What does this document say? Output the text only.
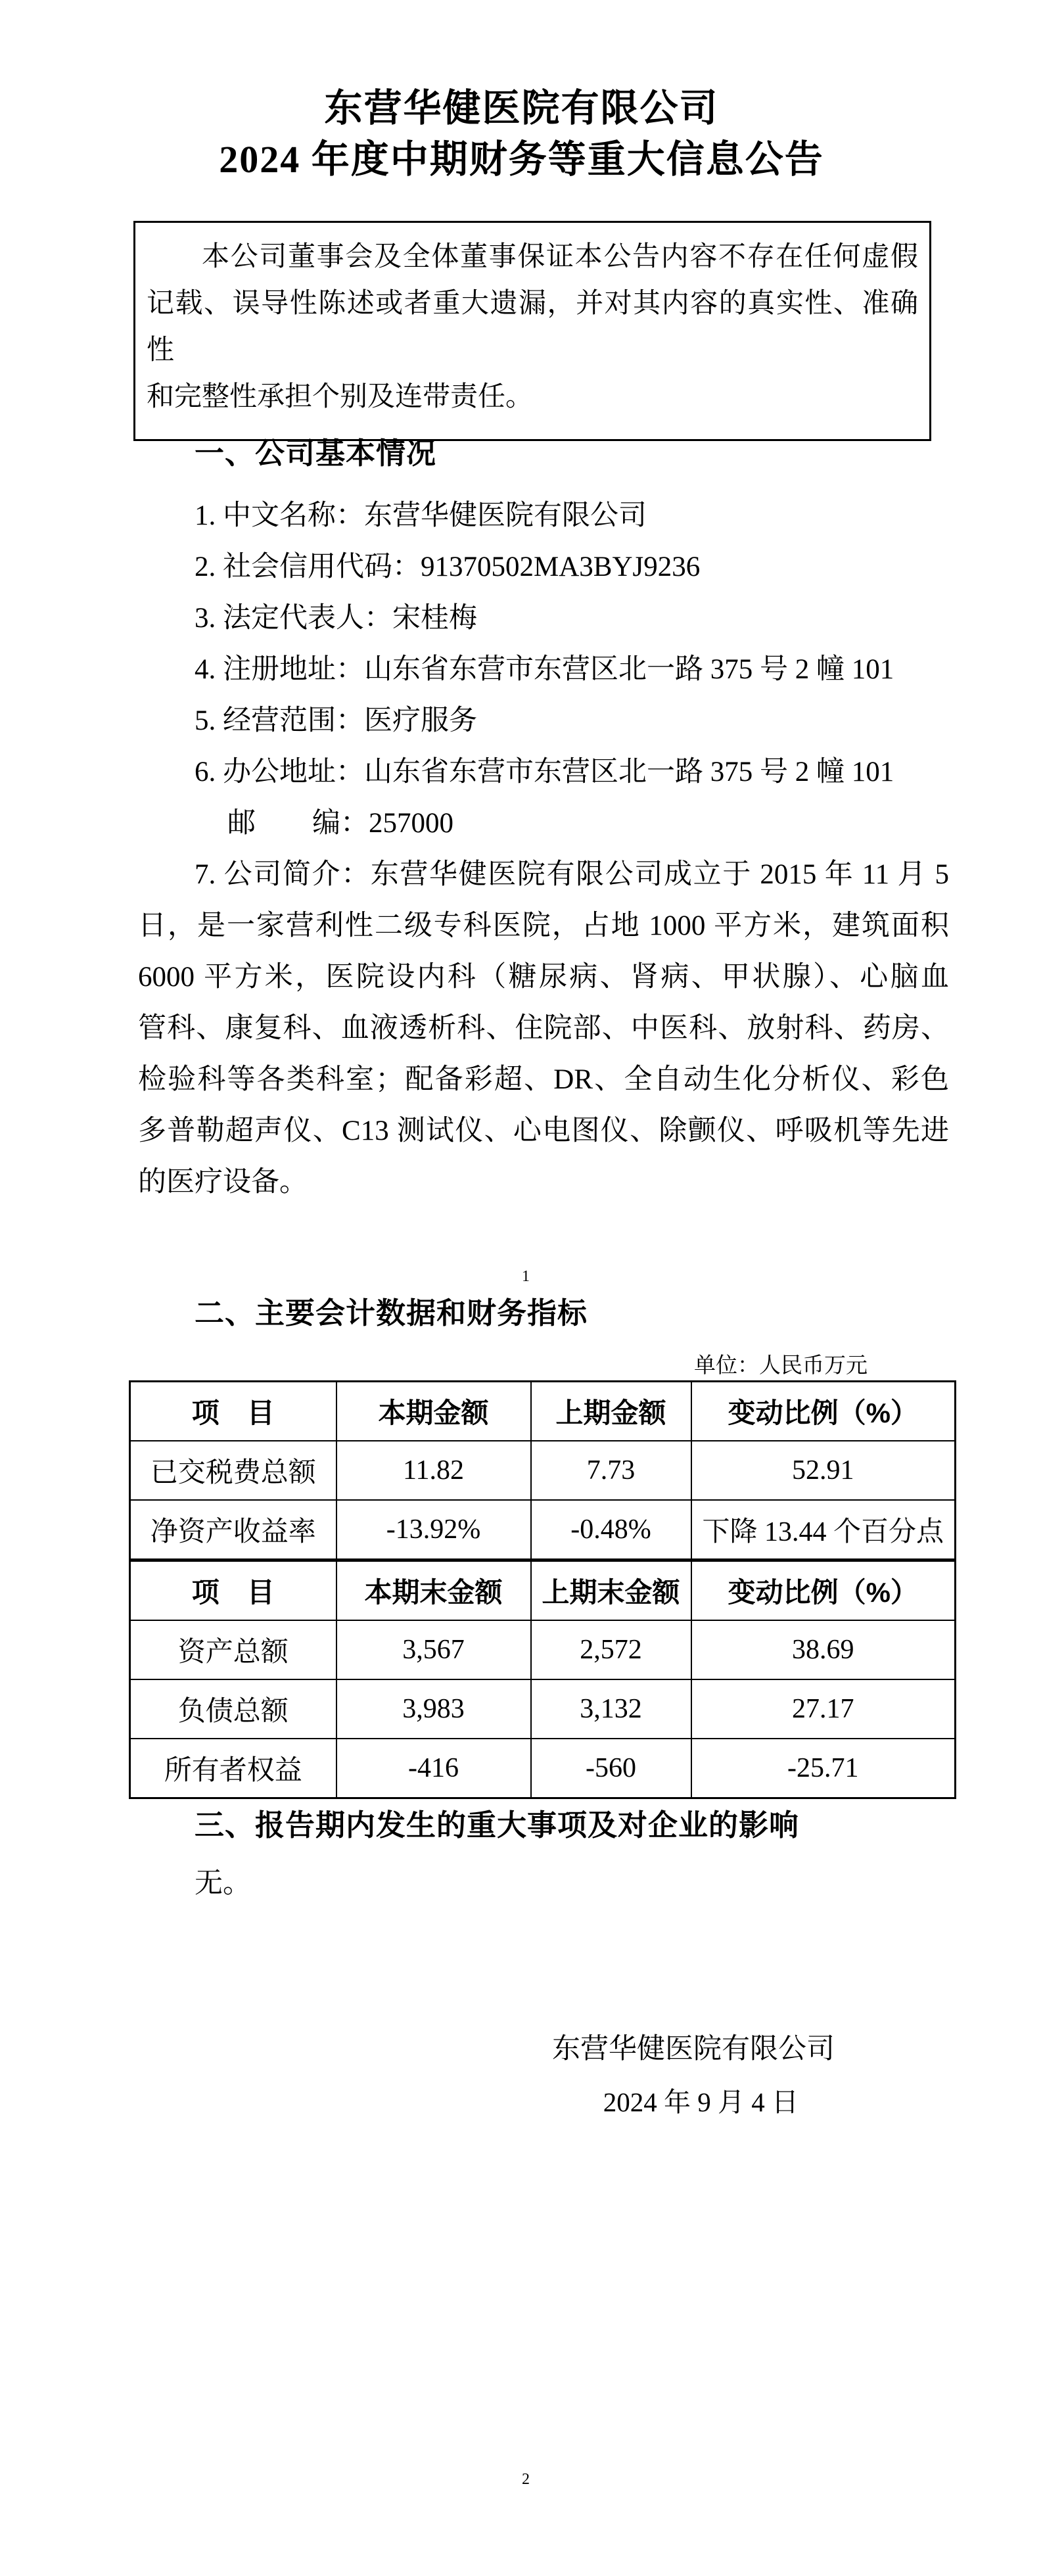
东营华健医院有限公司
2024 年度中期财务等重大信息公告
本公司董事会及全体董事保证本公告内容不存在任何虚假
记载、误导性陈述或者重大遗漏，并对其内容的真实性、准确性
和完整性承担个别及连带责任。
一、公司基本情况
1. 中文名称：东营华健医院有限公司
2. 社会信用代码：91370502MA3BYJ9236
3. 法定代表人：宋桂梅
4. 注册地址：山东省东营市东营区北一路 375 号 2 幢 101
5. 经营范围：医疗服务
6. 办公地址：山东省东营市东营区北一路 375 号 2 幢 101
邮　　编：257000
7. 公司简介：东营华健医院有限公司成立于 2015 年 11 月 5
日，是一家营利性二级专科医院，占地 1000 平方米，建筑面积
6000 平方米，医院设内科（糖尿病、肾病、甲状腺）、心脑血
管科、康复科、血液透析科、住院部、中医科、放射科、药房、
检验科等各类科室；配备彩超、DR、全自动生化分析仪、彩色
多普勒超声仪、C13 测试仪、心电图仪、除颤仪、呼吸机等先进
的医疗设备。
1
二、主要会计数据和财务指标
单位：人民币万元
项　目	本期金额	上期金额	变动比例（%）
已交税费总额	11.82	7.73	52.91
净资产收益率	-13.92%	-0.48%	下降 13.44 个百分点
项　目	本期末金额	上期末金额	变动比例（%）
资产总额	3,567	2,572	38.69
负债总额	3,983	3,132	27.17
所有者权益	-416	-560	-25.71
三、报告期内发生的重大事项及对企业的影响
无。
东营华健医院有限公司
2024 年 9 月 4 日
2
